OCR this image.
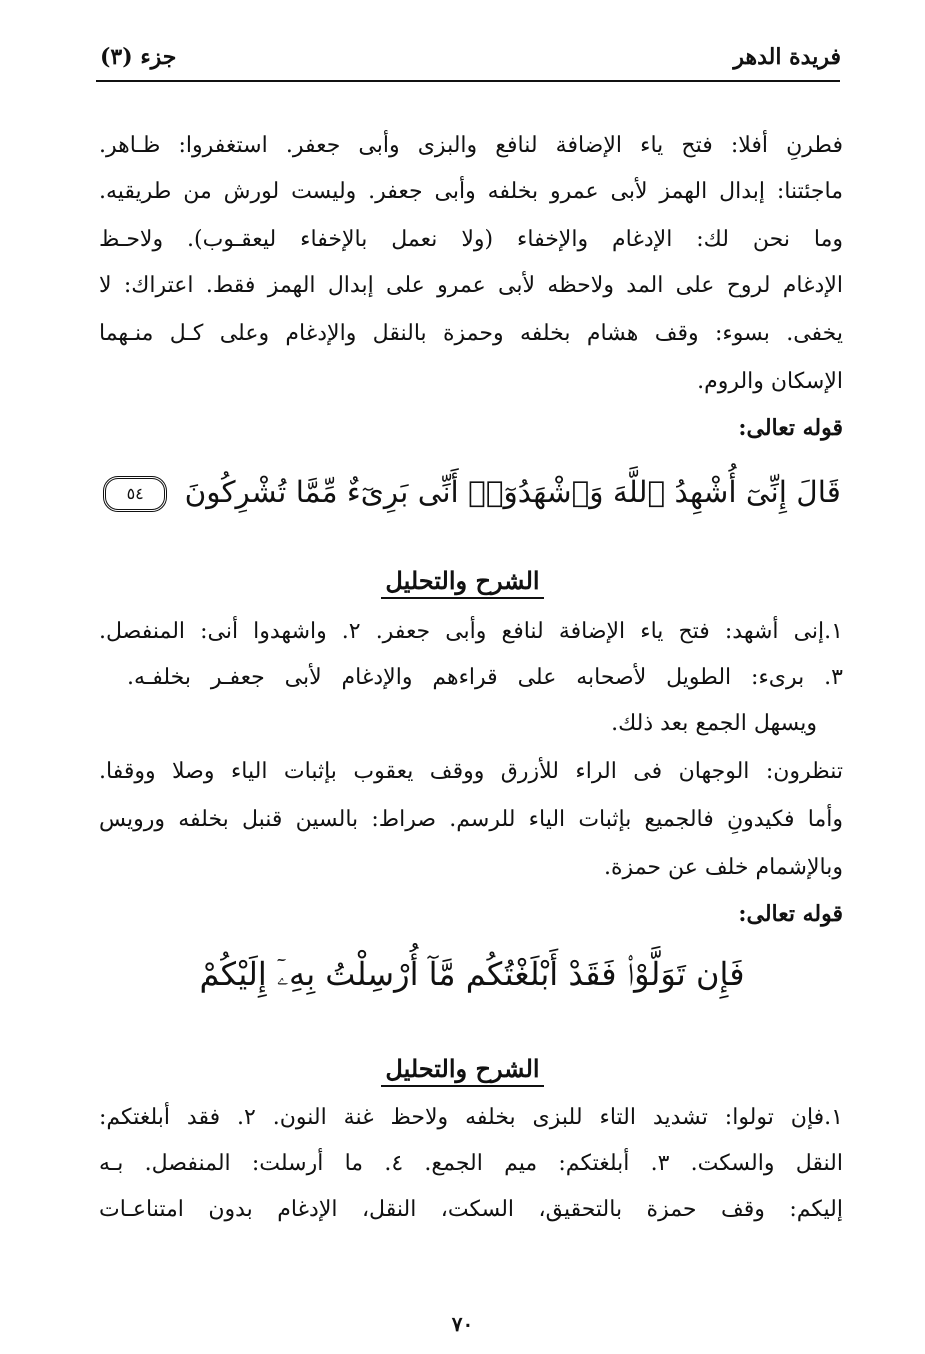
فريدة الدهر
جزء (٣)
فطرنِ أفلا: فتح ياء الإضافة لنافع والبزى وأبى جعفر. استغفروا: ظـاهر.
ماجئتنا: إبدال الهمز لأبى عمرو بخلفه وأبى جعفر. وليست لورش من طريقيه.
وما نحن لك: الإدغام والإخفاء (ولا نعمل بالإخفاء ليعقـوب). ولاحـظ
الإدغام لروح على المد ولاحظه لأبى عمرو على إبدال الهمز فقط. اعتراك: لا
يخفى. بسوء: وقف هشام بخلفه وحمزة بالنقل والإدغام وعلى كـل منـهما
الإسكان والروم.
قوله تعالى:
قَالَ إِنِّىٓ أُشْهِدُ ٱللَّهَ وَٱشْهَدُوٓا۟ أَنِّى بَرِىٓءٌ مِّمَّا تُشْرِكُونَ ٥٤
الشرح والتحليل
١.إنى أشهد: فتح ياء الإضافة لنافع وأبى جعفر. ٢. واشهدوا أنى: المنفصل.
٣. برىء: الطويل لأصحابه على قراءهم والإدغام لأبى جعفـر بخلفـه.
ويسهل الجمع بعد ذلك.
تنظرون: الوجهان فى الراء للأزرق ووقف يعقوب بإثبات الياء وصلا ووقفا.
وأما فكيدونِ فالجميع بإثبات الياء للرسم. صراط: بالسين قنبل بخلفه ورويس
وبالإشمام خلف عن حمزة.
قوله تعالى:
فَإِن تَوَلَّوْا۟ فَقَدْ أَبْلَغْتُكُم مَّآ أُرْسِلْتُ بِهِۦٓ إِلَيْكُمْ
الشرح والتحليل
١.فإن تولوا: تشديد التاء للبزى بخلفه ولاحظ غنة النون. ٢. فقد أبلغتكم:
النقل والسكت. ٣. أبلغتكم: ميم الجمع. ٤. ما أرسلت: المنفصل. بـه
إليكم: وقف حمزة بالتحقيق، السكت، النقل، الإدغام بدون امتناعـات
٧٠
